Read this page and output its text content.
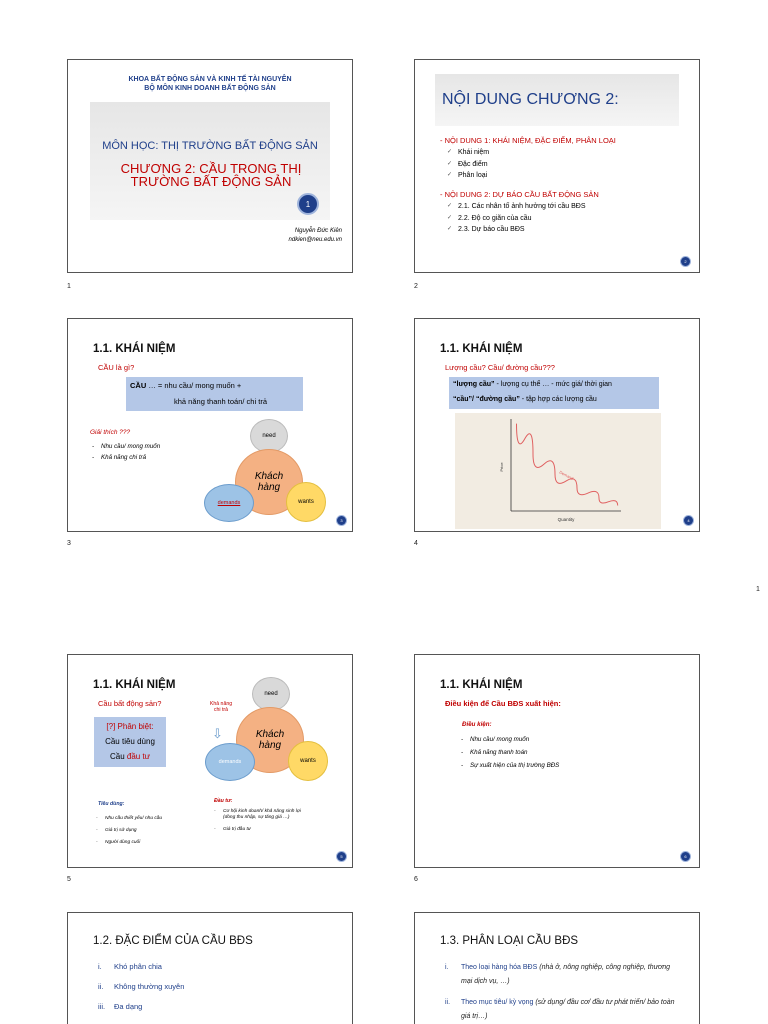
KHOA BẤT ĐỘNG SẢN VÀ KINH TẾ TÀI NGUYÊN
BỘ MÔN KINH DOANH BẤT ĐỘNG SẢN
MÔN HỌC: THỊ TRƯỜNG BẤT ĐỘNG SẢN
CHƯƠNG 2: CẦU TRONG THỊ TRƯỜNG BẤT ĐỘNG SẢN
1
Nguyễn Đức Kiên
ndkien@neu.edu.vn
1
NỘI DUNG CHƯƠNG 2:
- NỘI DUNG 1: KHÁI NIỆM, ĐẶC ĐIỂM, PHÂN LOẠI
✓ Khái niệm
✓ Đặc điểm
✓ Phân loại
- NỘI DUNG 2: DỰ BÁO CẦU BẤT ĐỘNG SẢN
✓ 2.1. Các nhân tố ảnh hưởng tới cầu BĐS
✓ 2.2. Độ co giãn của cầu
✓ 2.3. Dự báo cầu BĐS
2
2
1.1. KHÁI NIỆM
CẦU là gì?
CẦU … = nhu cầu/ mong muốn +
khả năng thanh toán/ chi trả
Giải thích ???
- Nhu cầu/ mong muốn
- Khả năng chi trả
need
Khách hàng
demands	wants
3
3
1.1. KHÁI NIỆM
Lượng cầu? Cầu/ đường cầu???
“lượng cầu” - lượng cụ thể … - mức giá/ thời gian
“cầu”/ “đường cầu” - tập hợp các lượng cầu
Price
Quantity
Demand
4
4
1
1.1. KHÁI NIỆM
Cầu bất động sản?	Khả năng chi trả
⇩
[?] Phân biệt:
Cầu tiêu dùng
Cầu đầu tư
need
Khách hàng
demands	wants
Tiêu dùng:
- Nhu cầu thiết yếu/ nhu cầu
- Giá trị sử dụng
- Người dùng cuối
Đầu tư:
- Cơ hội kinh doanh/ khả năng sinh lợi (dòng thu nhập, sự tăng giá …)
- Giá trị đầu tư
5
5
1.1. KHÁI NIỆM
Điều kiện để Cầu BĐS xuất hiện:
Điều kiện:
- Nhu cầu/ mong muốn
- Khả năng thanh toán
- Sự xuất hiện của thị trường BĐS
6
6
1.2. ĐẶC ĐIỂM CỦA CẦU BĐS
i. Khó phân chia
ii. Không thường xuyên
iii. Đa dạng
1.3. PHÂN LOẠI CẦU BĐS
i. Theo loại hàng hóa BĐS (nhà ở, nông nghiệp, công nghiệp, thương mại dịch vụ, …)
ii. Theo mục tiêu/ kỳ vọng (sử dụng/ đầu cơ/ đầu tư phát triển/ bảo toàn giá trị…)
